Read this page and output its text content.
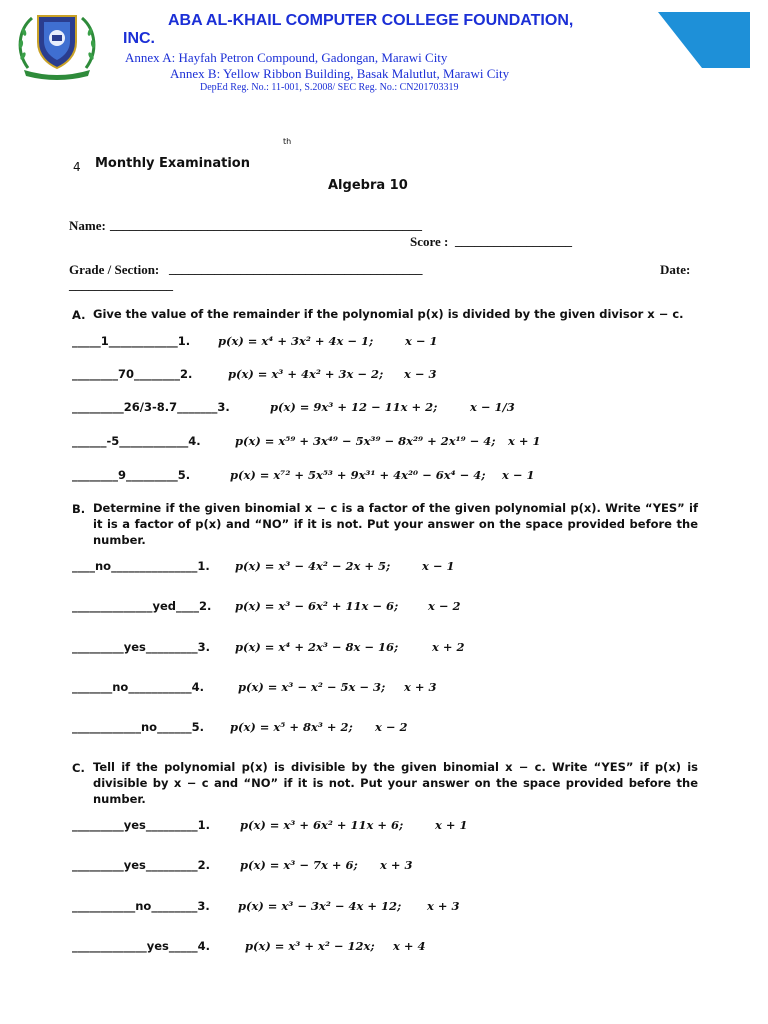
ABA AL-KHAIL COMPUTER COLLEGE FOUNDATION,
INC.
Annex A: Hayfah Petron Compound, Gadongan, Marawi City
Annex B: Yellow Ribbon Building, Basak Malutlut, Marawi City
DepEd Reg. No.: 11-001, S.2008/ SEC Reg. No.: CN201703319
th
4 Monthly Examination
Algebra 10
Name: ________________________________________________
Score : __________________
Grade / Section: _______________________________________	Date:
________________
A. Give the value of the remainder if the polynomial p(x) is divided by the given divisor x − c.
_____1____________1. p(x) = x⁴ + 3x² + 4x − 1;	x − 1
________70________2.	p(x) = x³ + 4x² + 3x − 2; x − 3
_________26/3-8.7_______3.	p(x) = 9x³ + 12 − 11x + 2;	x − 1/3
______-5____________4.	p(x) = x⁵⁹ + 3x⁴⁹ − 5x³⁹ − 8x²⁹ + 2x¹⁹ − 4; x + 1
________9_________5.	p(x) = x⁷² + 5x⁵³ + 9x³¹ + 4x²⁰ − 6x⁴ − 4; x − 1
B. Determine if the given binomial x − c is a factor of the given polynomial p(x). Write “YES” if it is a factor of p(x) and “NO” if it is not. Put your answer on the space provided before the number.
____no_______________1. p(x) = x³ − 4x² − 2x + 5;	x − 1
______________yed____2. p(x) = x³ − 6x² + 11x − 6;	x − 2
_________yes_________3. p(x) = x⁴ + 2x³ − 8x − 16;	x + 2
_______no___________4.	p(x) = x³ − x² − 5x − 3; x + 3
____________no______5. p(x) = x⁵ + 8x³ + 2; x − 2
C. Tell if the polynomial p(x) is divisible by the given binomial x − c. Write “YES” if p(x) is divisible by x − c and “NO” if it is not. Put your answer on the space provided before the number.
_________yes_________1.	p(x) = x³ + 6x² + 11x + 6;	x + 1
_________yes_________2.	p(x) = x³ − 7x + 6; x + 3
___________no________3. p(x) = x³ − 3x² − 4x + 12; x + 3
_____________yes_____4.	p(x) = x³ + x² − 12x; x + 4
